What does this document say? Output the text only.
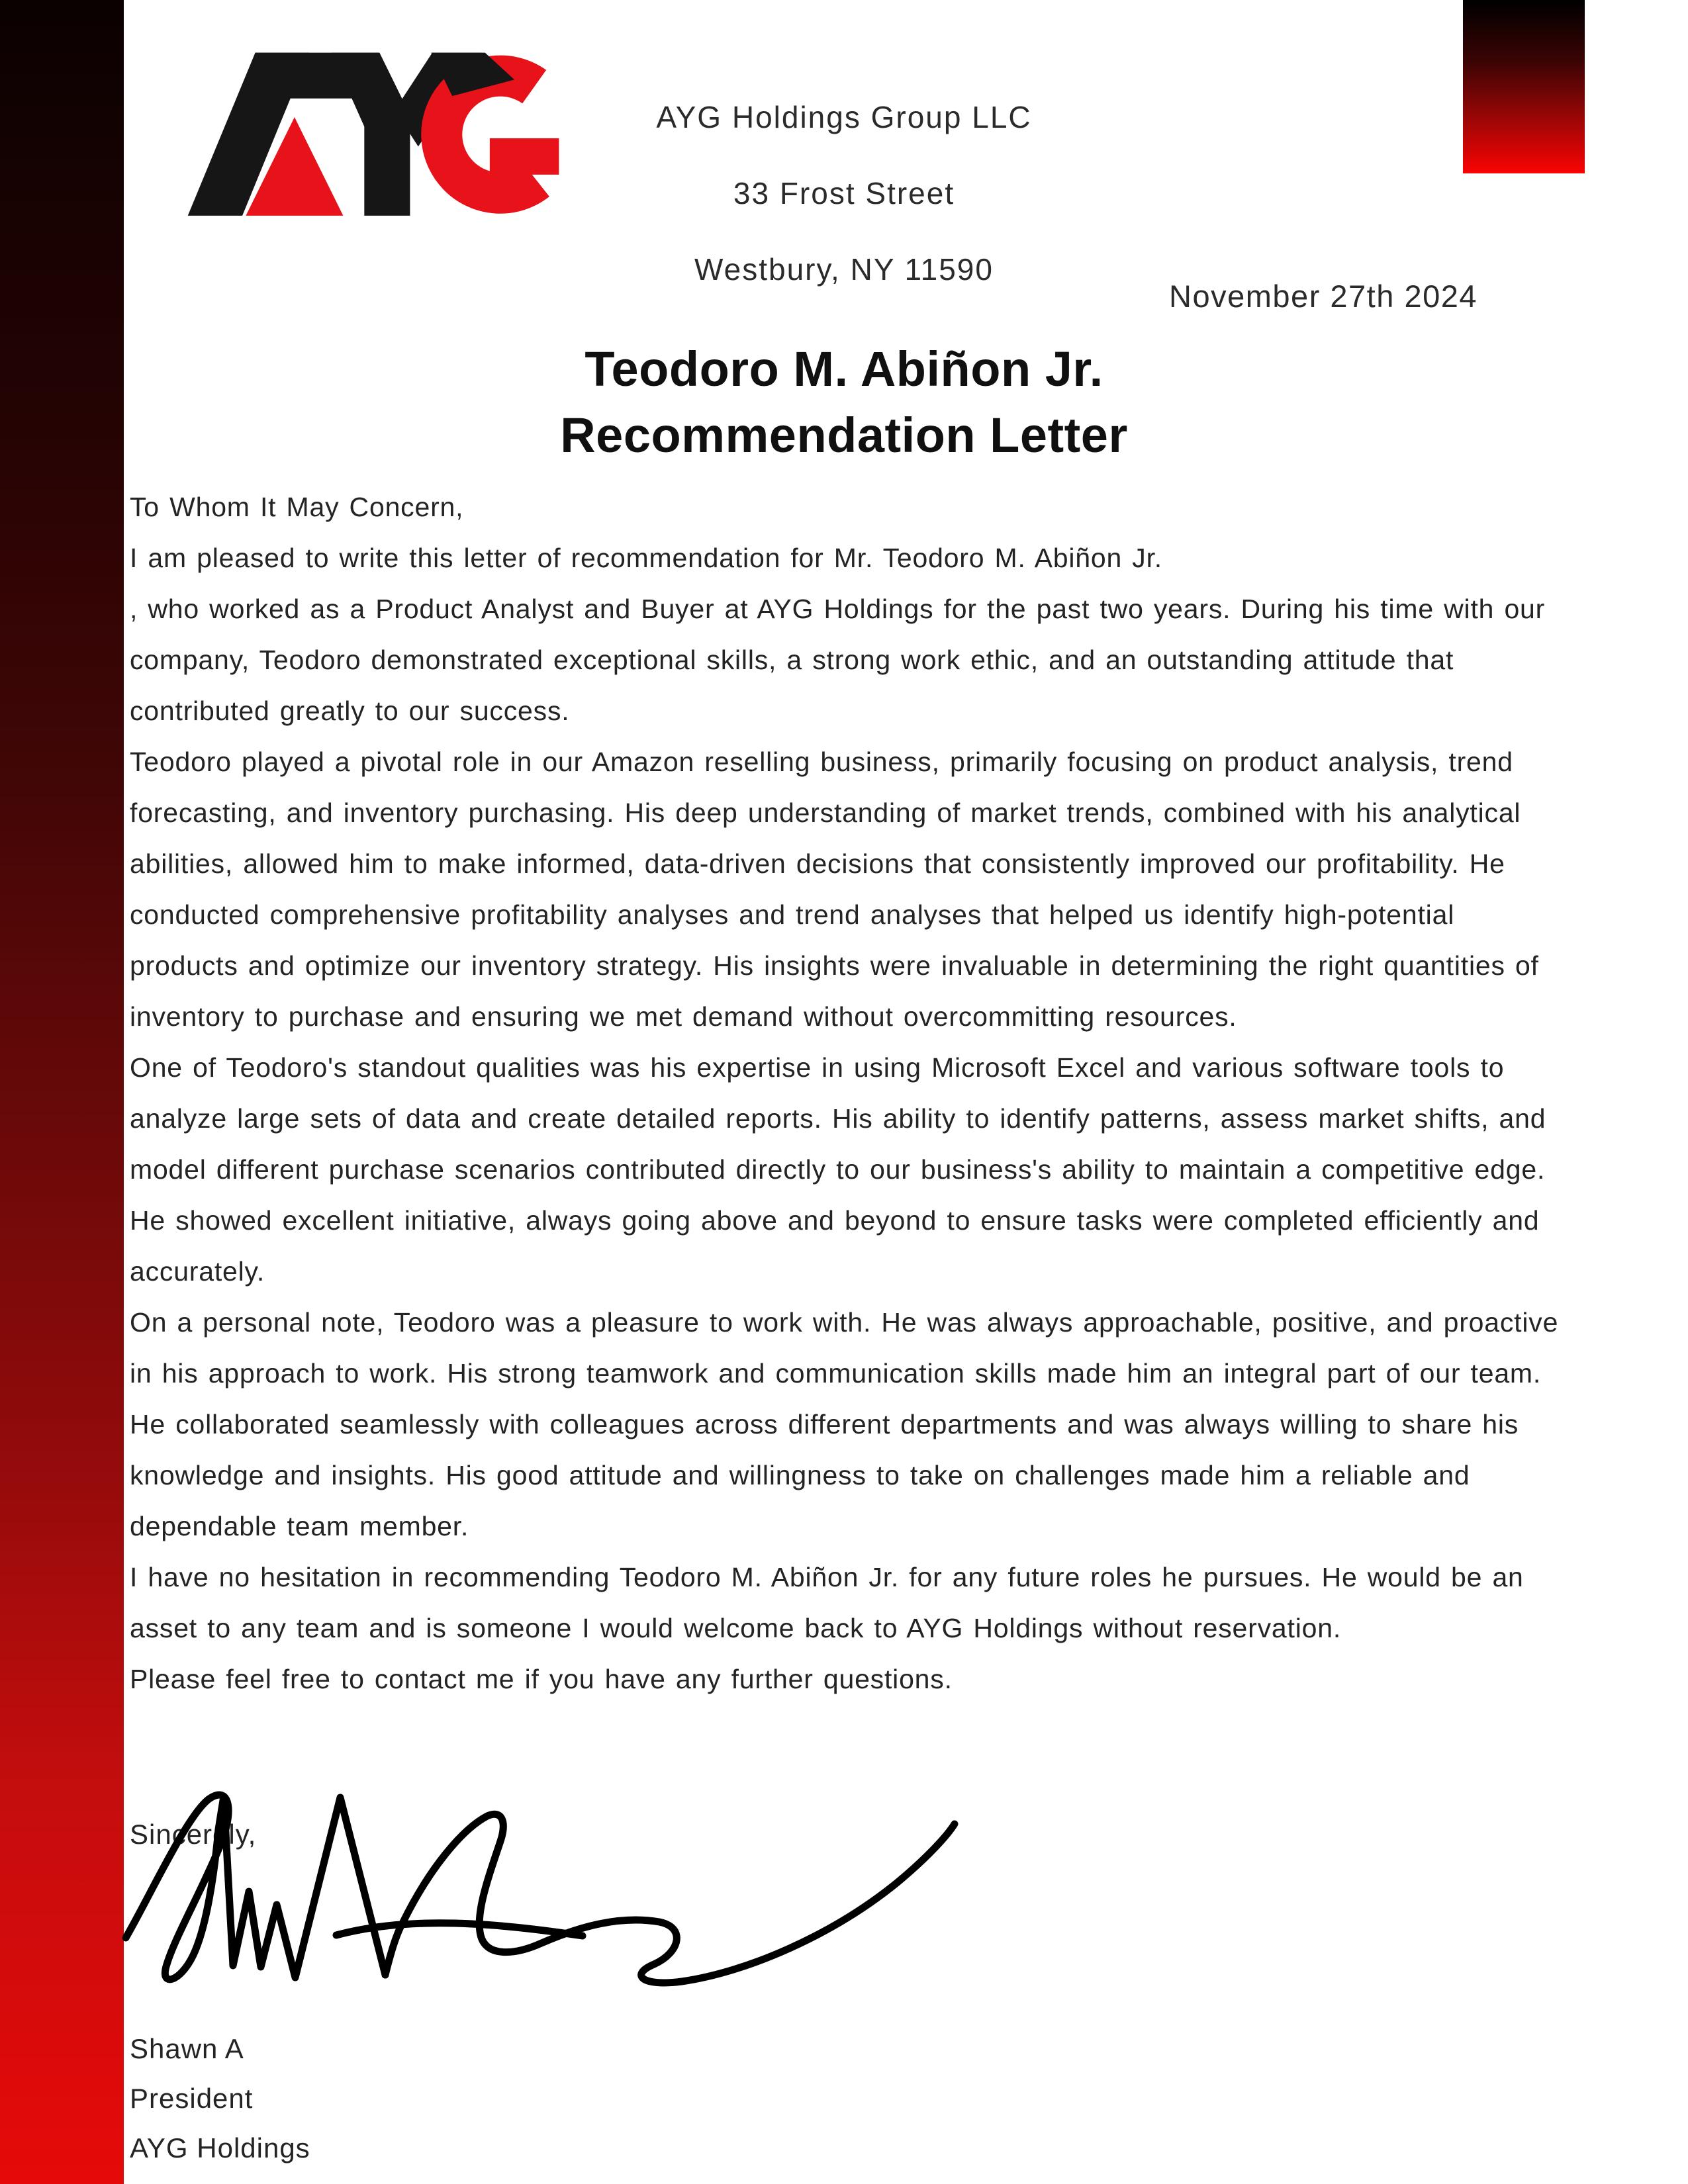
AYG Holdings Group LLC
33 Frost Street
Westbury, NY 11590
November 27th 2024
Teodoro M. Abiñon Jr.
Recommendation Letter

To Whom It May Concern,

I am pleased to write this letter of recommendation for Mr. Teodoro M. Abiñon Jr.

, who worked as a Product Analyst and Buyer at AYG Holdings for the past two years. During his time with our company, Teodoro demonstrated exceptional skills, a strong work ethic, and an outstanding attitude that contributed greatly to our success.

Teodoro played a pivotal role in our Amazon reselling business, primarily focusing on product analysis, trend forecasting, and inventory purchasing. His deep understanding of market trends, combined with his analytical abilities, allowed him to make informed, data-driven decisions that consistently improved our profitability. He conducted comprehensive profitability analyses and trend analyses that helped us identify high-potential products and optimize our inventory strategy. His insights were invaluable in determining the right quantities of inventory to purchase and ensuring we met demand without overcommitting resources.

One of Teodoro's standout qualities was his expertise in using Microsoft Excel and various software tools to analyze large sets of data and create detailed reports. His ability to identify patterns, assess market shifts, and model different purchase scenarios contributed directly to our business's ability to maintain a competitive edge. He showed excellent initiative, always going above and beyond to ensure tasks were completed efficiently and accurately.

On a personal note, Teodoro was a pleasure to work with. He was always approachable, positive, and proactive in his approach to work. His strong teamwork and communication skills made him an integral part of our team. He collaborated seamlessly with colleagues across different departments and was always willing to share his knowledge and insights. His good attitude and willingness to take on challenges made him a reliable and dependable team member.

I have no hesitation in recommending Teodoro M. Abiñon Jr. for any future roles he pursues. He would be an asset to any team and is someone I would welcome back to AYG Holdings without reservation.

Please feel free to contact me if you have any further questions.

Sincerely,
Shawn A
President
AYG Holdings
